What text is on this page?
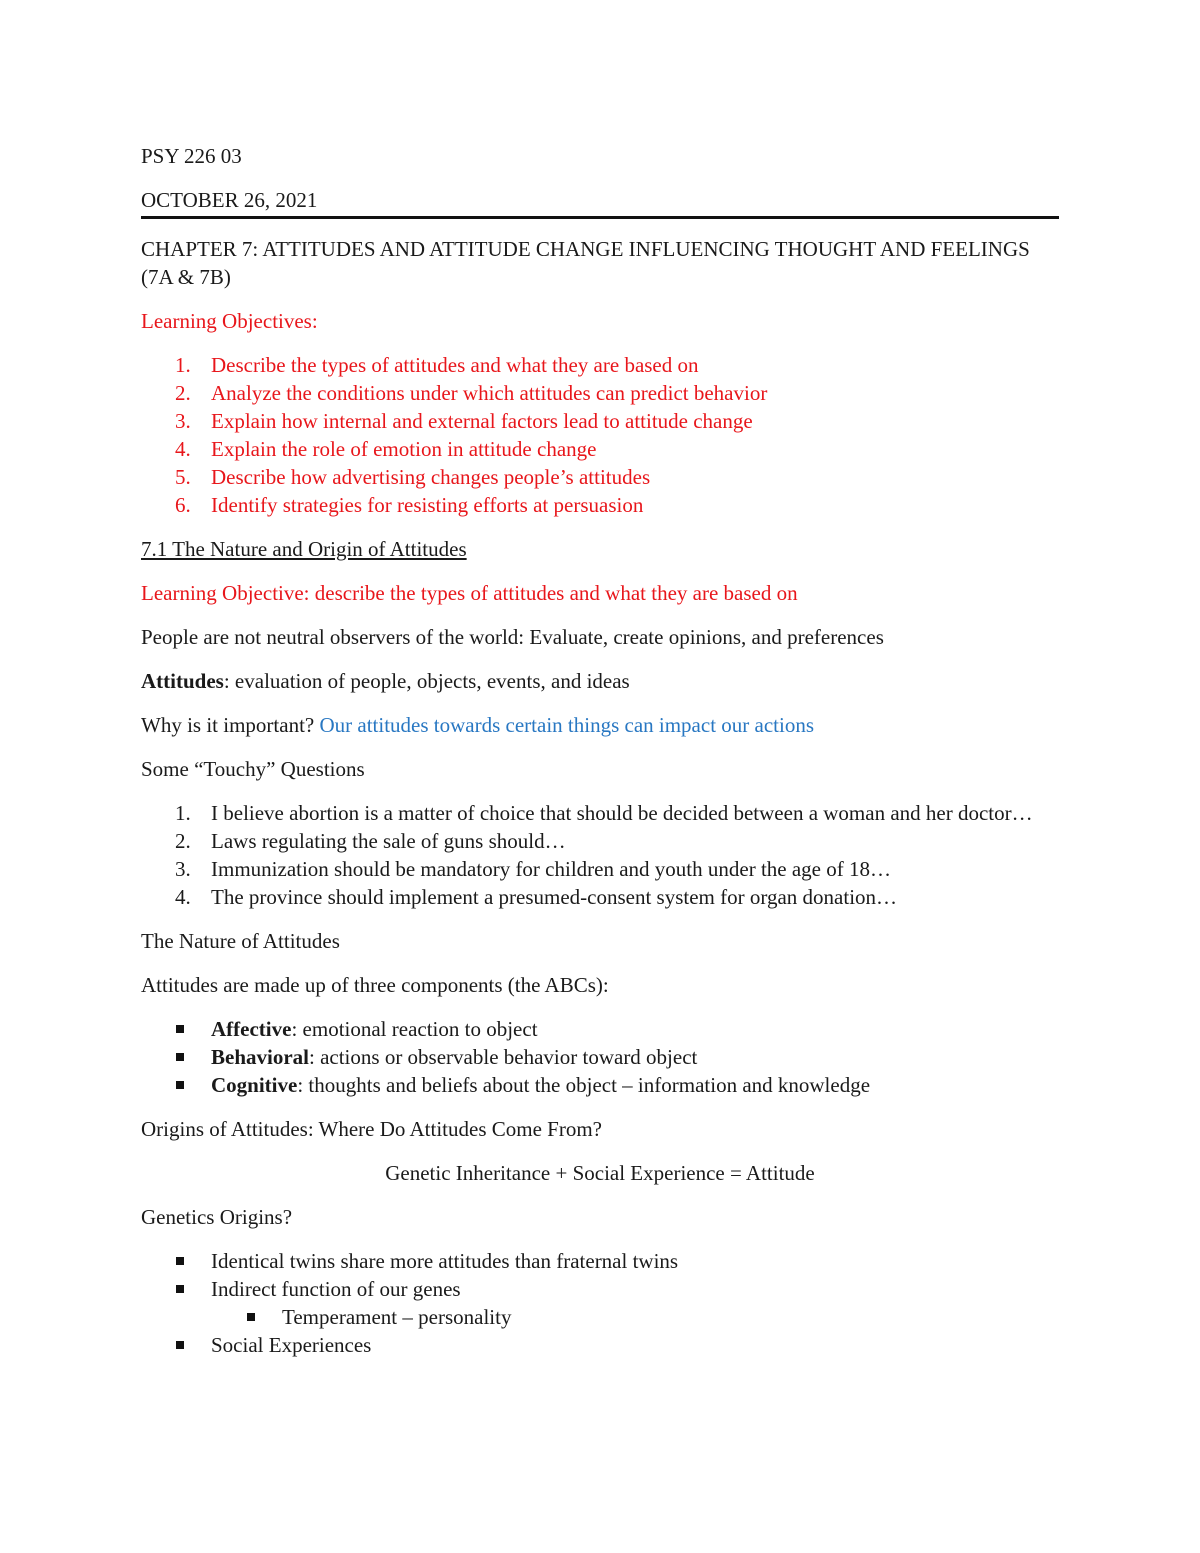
PSY 226 03

OCTOBER 26, 2021

CHAPTER 7: ATTITUDES AND ATTITUDE CHANGE INFLUENCING THOUGHT AND FEELINGS (7A & 7B)

Learning Objectives:

1. Describe the types of attitudes and what they are based on
2. Analyze the conditions under which attitudes can predict behavior
3. Explain how internal and external factors lead to attitude change
4. Explain the role of emotion in attitude change
5. Describe how advertising changes people’s attitudes
6. Identify strategies for resisting efforts at persuasion

7.1 The Nature and Origin of Attitudes

Learning Objective: describe the types of attitudes and what they are based on

People are not neutral observers of the world: Evaluate, create opinions, and preferences

Attitudes: evaluation of people, objects, events, and ideas

Why is it important? Our attitudes towards certain things can impact our actions

Some “Touchy” Questions

1. I believe abortion is a matter of choice that should be decided between a woman and her doctor…
2. Laws regulating the sale of guns should…
3. Immunization should be mandatory for children and youth under the age of 18…
4. The province should implement a presumed-consent system for organ donation…

The Nature of Attitudes

Attitudes are made up of three components (the ABCs):

Affective: emotional reaction to object
Behavioral: actions or observable behavior toward object
Cognitive: thoughts and beliefs about the object – information and knowledge

Origins of Attitudes: Where Do Attitudes Come From?

Genetic Inheritance + Social Experience = Attitude

Genetics Origins?

Identical twins share more attitudes than fraternal twins
Indirect function of our genes
Temperament – personality
Social Experiences
